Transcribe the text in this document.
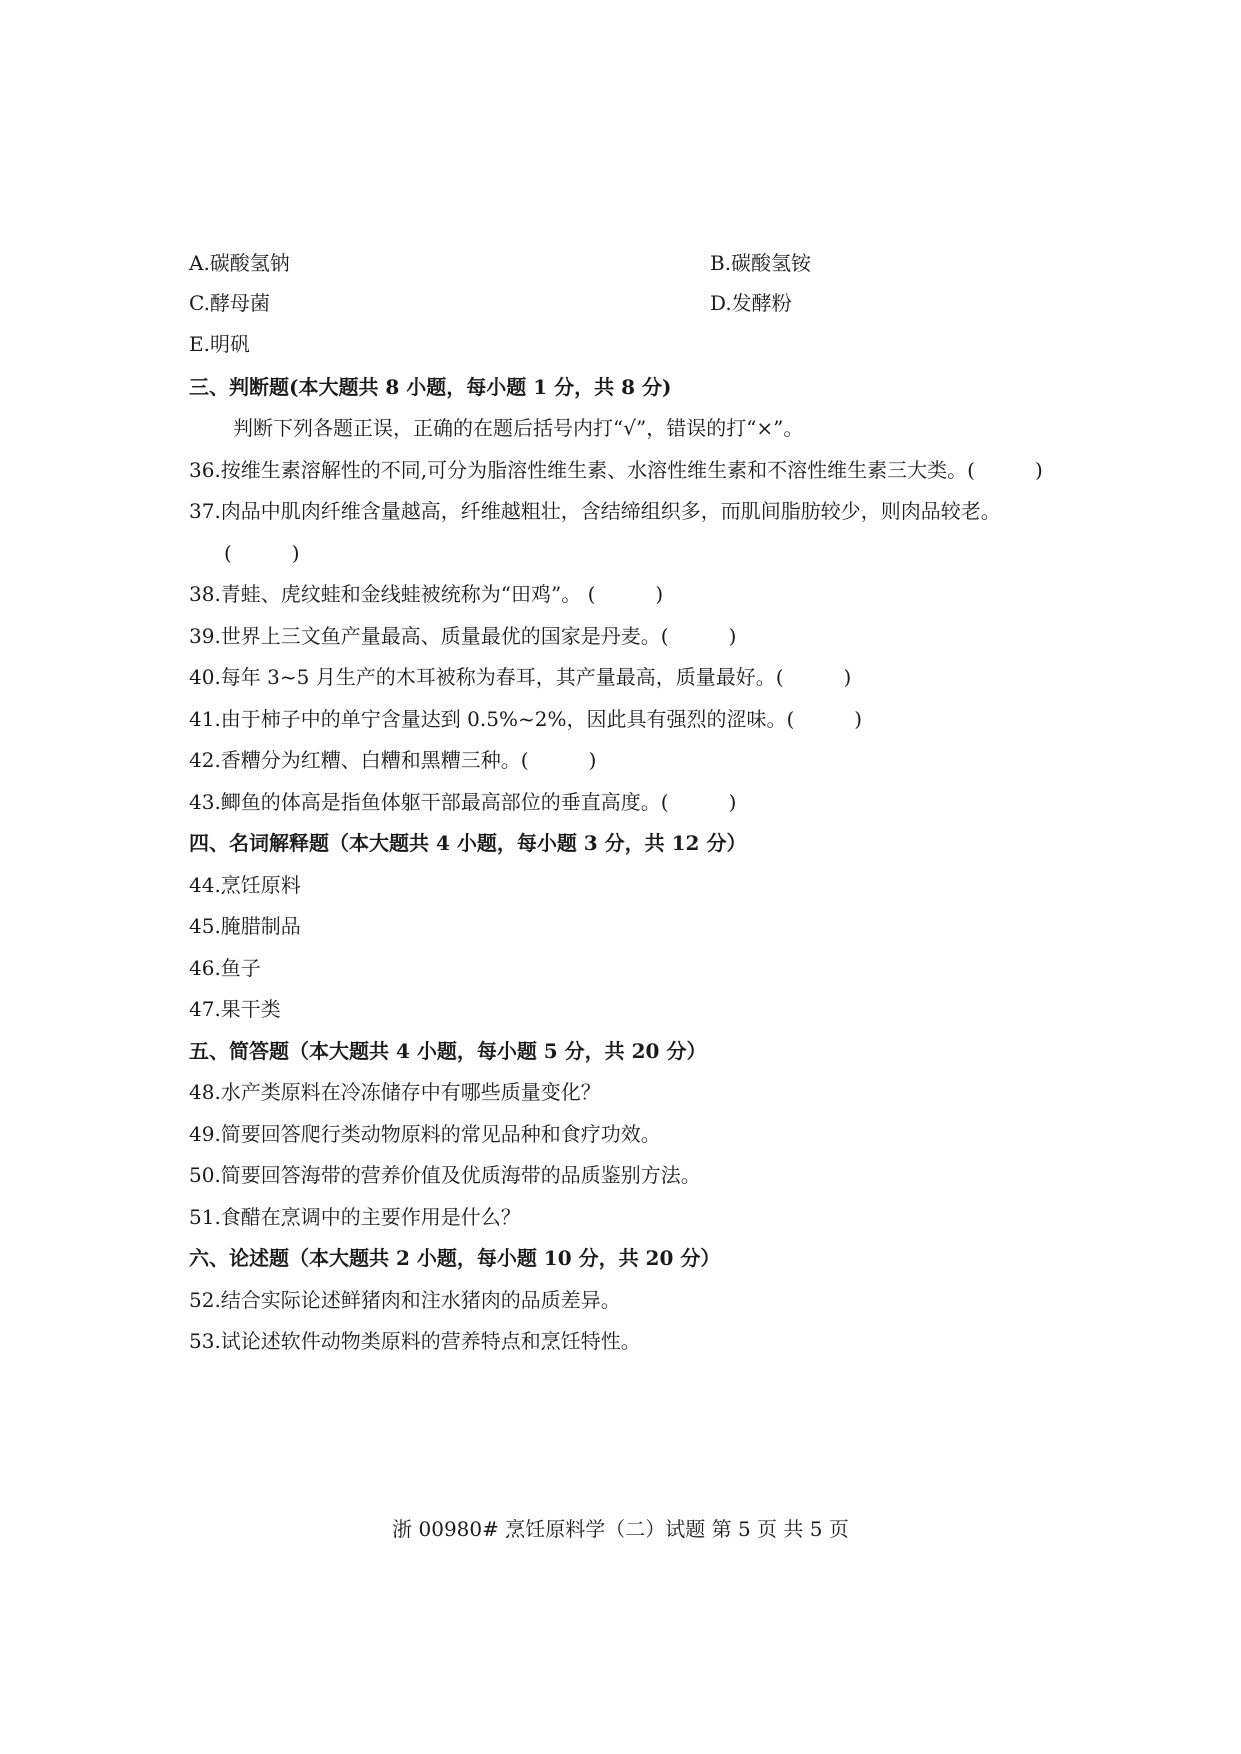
A.碳酸氢钠	B.碳酸氢铵
C.酵母菌	D.发酵粉
E.明矾
三、判断题(本大题共 8 小题，每小题 1 分，共 8 分)
判断下列各题正误，正确的在题后括号内打“√”，错误的打“×”。
36.按维生素溶解性的不同,可分为脂溶性维生素、水溶性维生素和不溶性维生素三大类。(　　　)
37.肉品中肌肉纤维含量越高，纤维越粗壮，含结缔组织多，而肌间脂肪较少，则肉品较老。
(　　　)
38.青蛙、虎纹蛙和金线蛙被统称为“田鸡”。 (　　　)
39.世界上三文鱼产量最高、质量最优的国家是丹麦。(　　　)
40.每年 3~5 月生产的木耳被称为春耳，其产量最高，质量最好。(　　　)
41.由于柿子中的单宁含量达到 0.5%~2%，因此具有强烈的涩味。(　　　)
42.香糟分为红糟、白糟和黑糟三种。(　　　)
43.鲫鱼的体高是指鱼体躯干部最高部位的垂直高度。(　　　)
四、名词解释题（本大题共 4 小题，每小题 3 分，共 12 分）
44.烹饪原料
45.腌腊制品
46.鱼子
47.果干类
五、简答题（本大题共 4 小题，每小题 5 分，共 20 分）
48.水产类原料在冷冻储存中有哪些质量变化？
49.简要回答爬行类动物原料的常见品种和食疗功效。
50.简要回答海带的营养价值及优质海带的品质鉴别方法。
51.食醋在烹调中的主要作用是什么？
六、论述题（本大题共 2 小题，每小题 10 分，共 20 分）
52.结合实际论述鲜猪肉和注水猪肉的品质差异。
53.试论述软件动物类原料的营养特点和烹饪特性。
浙 00980# 烹饪原料学（二）试题 第 5 页 共 5 页
